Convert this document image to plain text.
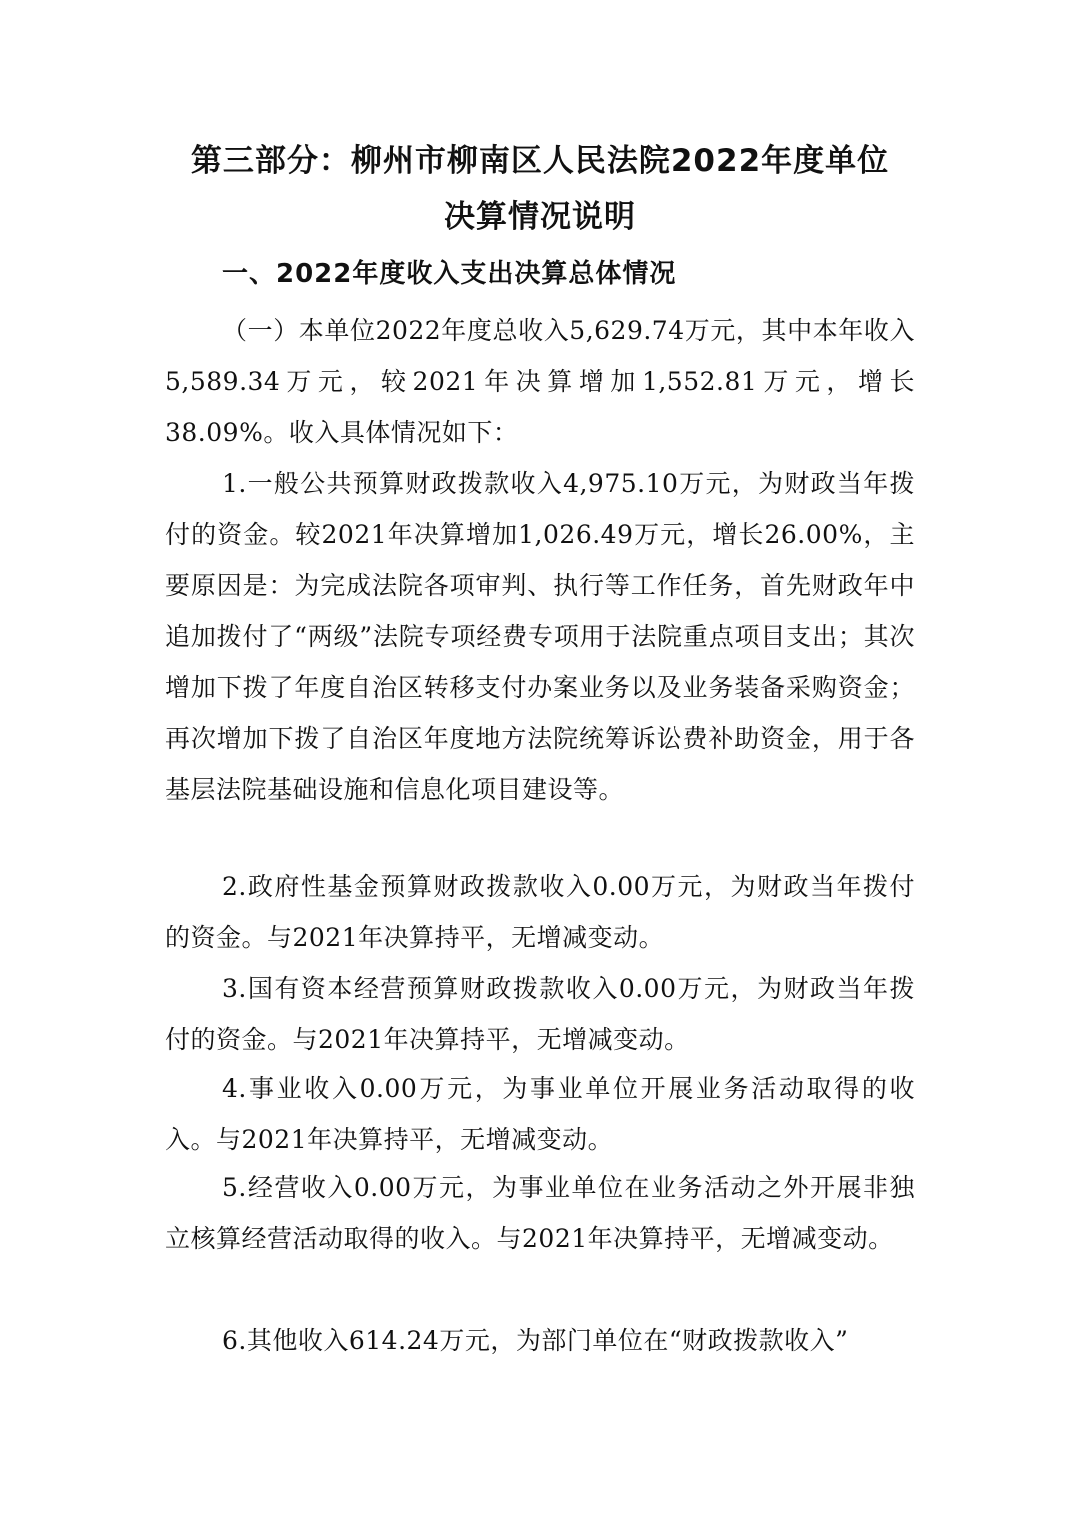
第三部分：柳州市柳南区人民法院2022年度单位
决算情况说明
一、2022年度收入支出决算总体情况

（一）本单位2022年度总收入5,629.74万元，其中本年收入5,589.34万元，较2021年决算增加1,552.81万元，增长38.09%。收入具体情况如下：

1.一般公共预算财政拨款收入4,975.10万元，为财政当年拨付的资金。较2021年决算增加1,026.49万元，增长26.00%，主要原因是：为完成法院各项审判、执行等工作任务，首先财政年中追加拨付了“两级”法院专项经费专项用于法院重点项目支出；其次增加下拨了年度自治区转移支付办案业务以及业务装备采购资金；再次增加下拨了自治区年度地方法院统筹诉讼费补助资金，用于各基层法院基础设施和信息化项目建设等。

2.政府性基金预算财政拨款收入0.00万元，为财政当年拨付的资金。与2021年决算持平，无增减变动。

3.国有资本经营预算财政拨款收入0.00万元，为财政当年拨付的资金。与2021年决算持平，无增减变动。

4.事业收入0.00万元，为事业单位开展业务活动取得的收入。与2021年决算持平，无增减变动。

5.经营收入0.00万元，为事业单位在业务活动之外开展非独立核算经营活动取得的收入。与2021年决算持平，无增减变动。

6.其他收入614.24万元，为部门单位在“财政拨款收入”
